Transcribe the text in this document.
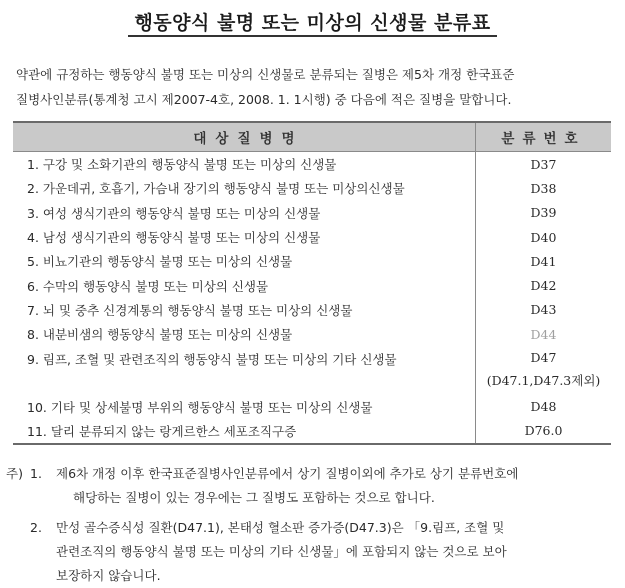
행동양식 불명 또는 미상의 신생물 분류표

약관에 규정하는 행동양식 불명 또는 미상의 신생물로 분류되는 질병은 제5차 개정 한국표준

질병사인분류(통계청 고시 제2007-4호, 2008. 1. 1시행) 중 다음에 적은 질병을 말합니다.

대상질병명	분류번호
1. 구강 및 소화기관의 행동양식 불명 또는 미상의 신생물	D37
2. 가운데귀, 호흡기, 가슴내 장기의 행동양식 불명 또는 미상의신생물	D38
3. 여성 생식기관의 행동양식 불명 또는 미상의 신생물	D39
4. 남성 생식기관의 행동양식 불명 또는 미상의 신생물	D40
5. 비뇨기관의 행동양식 불명 또는 미상의 신생물	D41
6. 수막의 행동양식 불명 또는 미상의 신생물	D42
7. 뇌 및 중추 신경계통의 행동양식 불명 또는 미상의 신생물	D43
8. 내분비샘의 행동양식 불명 또는 미상의 신생물	D44
9. 림프, 조혈 및 관련조직의 행동양식 불명 또는 미상의 기타 신생물	D47
(D47.1,D47.3제외)

10. 기타 및 상세불명 부위의 행동양식 불명 또는 미상의 신생물	D48
11. 달리 분류되지 않는 랑게르한스 세포조직구증	D76.0
주) 1.	제6차 개정 이후 한국표준질병사인분류에서 상기 질병이외에 추가로 상기 분류번호에
해당하는 질병이 있는 경우에는 그 질병도 포함하는 것으로 합니다.
2.	만성 골수증식성 질환(D47.1), 본태성 혈소판 증가증(D47.3)은 「9.림프, 조혈 및
관련조직의 행동양식 불명 또는 미상의 기타 신생물」에 포함되지 않는 것으로 보아
보장하지 않습니다.
